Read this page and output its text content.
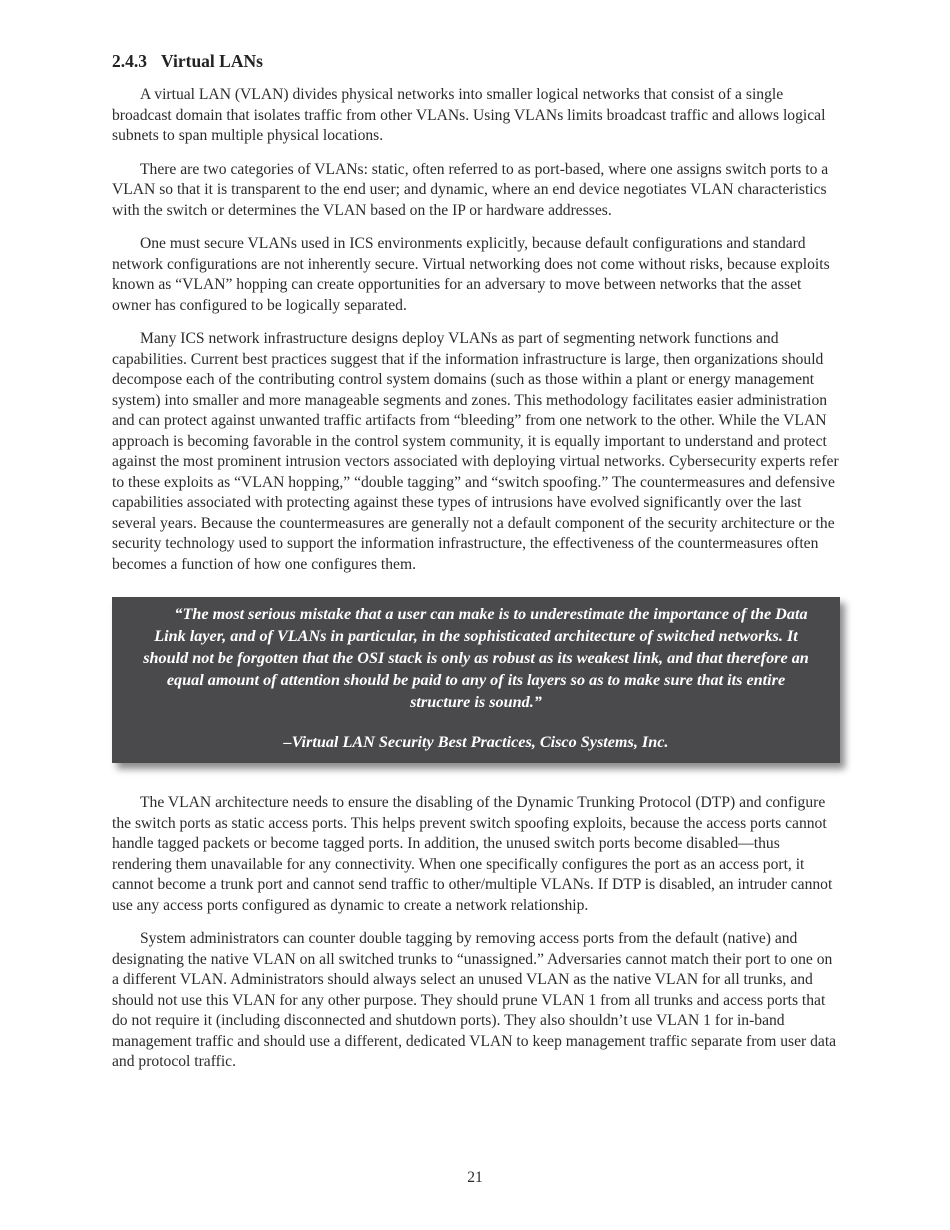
2.4.3 Virtual LANs

A virtual LAN (VLAN) divides physical networks into smaller logical networks that consist of a single broadcast domain that isolates traffic from other VLANs. Using VLANs limits broadcast traffic and allows logical subnets to span multiple physical locations.

There are two categories of VLANs: static, often referred to as port-based, where one assigns switch ports to a VLAN so that it is transparent to the end user; and dynamic, where an end device negotiates VLAN characteristics with the switch or determines the VLAN based on the IP or hardware addresses.

One must secure VLANs used in ICS environments explicitly, because default configurations and standard network configurations are not inherently secure. Virtual networking does not come without risks, because exploits known as “VLAN” hopping can create opportunities for an adversary to move between networks that the asset owner has configured to be logically separated.

Many ICS network infrastructure designs deploy VLANs as part of segmenting network functions and capabilities. Current best practices suggest that if the information infrastructure is large, then organizations should decompose each of the contributing control system domains (such as those within a plant or energy management system) into smaller and more manageable segments and zones. This methodology facilitates easier administration and can protect against unwanted traffic artifacts from “bleeding” from one network to the other. While the VLAN approach is becoming favorable in the control system community, it is equally important to understand and protect against the most prominent intrusion vectors associated with deploying virtual networks. Cybersecurity experts refer to these exploits as “VLAN hopping,” “double tagging” and “switch spoofing.” The countermeasures and defensive capabilities associated with protecting against these types of intrusions have evolved significantly over the last several years. Because the countermeasures are generally not a default component of the security architecture or the security technology used to support the information infrastructure, the effectiveness of the countermeasures often becomes a function of how one configures them.

“The most serious mistake that a user can make is to underestimate the importance of the Data Link layer, and of VLANs in particular, in the sophisticated architecture of switched networks. It should not be forgotten that the OSI stack is only as robust as its weakest link, and that therefore an equal amount of attention should be paid to any of its layers so as to make sure that its entire structure is sound.”

–Virtual LAN Security Best Practices, Cisco Systems, Inc.

The VLAN architecture needs to ensure the disabling of the Dynamic Trunking Protocol (DTP) and configure the switch ports as static access ports. This helps prevent switch spoofing exploits, because the access ports cannot handle tagged packets or become tagged ports. In addition, the unused switch ports become disabled—thus rendering them unavailable for any connectivity. When one specifically configures the port as an access port, it cannot become a trunk port and cannot send traffic to other/multiple VLANs. If DTP is disabled, an intruder cannot use any access ports configured as dynamic to create a network relationship.

System administrators can counter double tagging by removing access ports from the default (native) and designating the native VLAN on all switched trunks to “unassigned.” Adversaries cannot match their port to one on a different VLAN. Administrators should always select an unused VLAN as the native VLAN for all trunks, and should not use this VLAN for any other purpose. They should prune VLAN 1 from all trunks and access ports that do not require it (including disconnected and shutdown ports). They also shouldn’t use VLAN 1 for in-band management traffic and should use a different, dedicated VLAN to keep management traffic separate from user data and protocol traffic.

21
